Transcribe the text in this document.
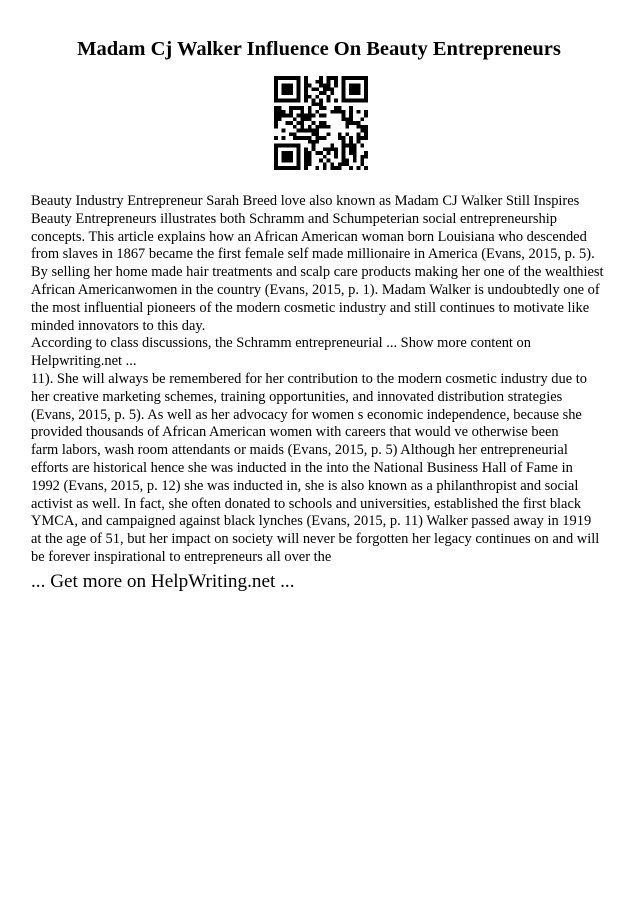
Madam Cj Walker Influence On Beauty Entrepreneurs
Beauty Industry Entrepreneur Sarah Breed love also known as Madam CJ Walker Still Inspires
Beauty Entrepreneurs illustrates both Schramm and Schumpeterian social entrepreneurship
concepts. This article explains how an African American woman born Louisiana who descended
from slaves in 1867 became the first female self made millionaire in America (Evans, 2015, p. 5).
By selling her home made hair treatments and scalp care products making her one of the wealthiest
African Americanwomen in the country (Evans, 2015, p. 1). Madam Walker is undoubtedly one of
the most influential pioneers of the modern cosmetic industry and still continues to motivate like
minded innovators to this day.
According to class discussions, the Schramm entrepreneurial ... Show more content on
Helpwriting.net ...
11). She will always be remembered for her contribution to the modern cosmetic industry due to
her creative marketing schemes, training opportunities, and innovated distribution strategies
(Evans, 2015, p. 5). As well as her advocacy for women s economic independence, because she
provided thousands of African American women with careers that would ve otherwise been
farm labors, wash room attendants or maids (Evans, 2015, p. 5) Although her entrepreneurial
efforts are historical hence she was inducted in the into the National Business Hall of Fame in
1992 (Evans, 2015, p. 12) she was inducted in, she is also known as a philanthropist and social
activist as well. In fact, she often donated to schools and universities, established the first black
YMCA, and campaigned against black lynches (Evans, 2015, p. 11) Walker passed away in 1919
at the age of 51, but her impact on society will never be forgotten her legacy continues on and will
be forever inspirational to entrepreneurs all over the
... Get more on HelpWriting.net ...
